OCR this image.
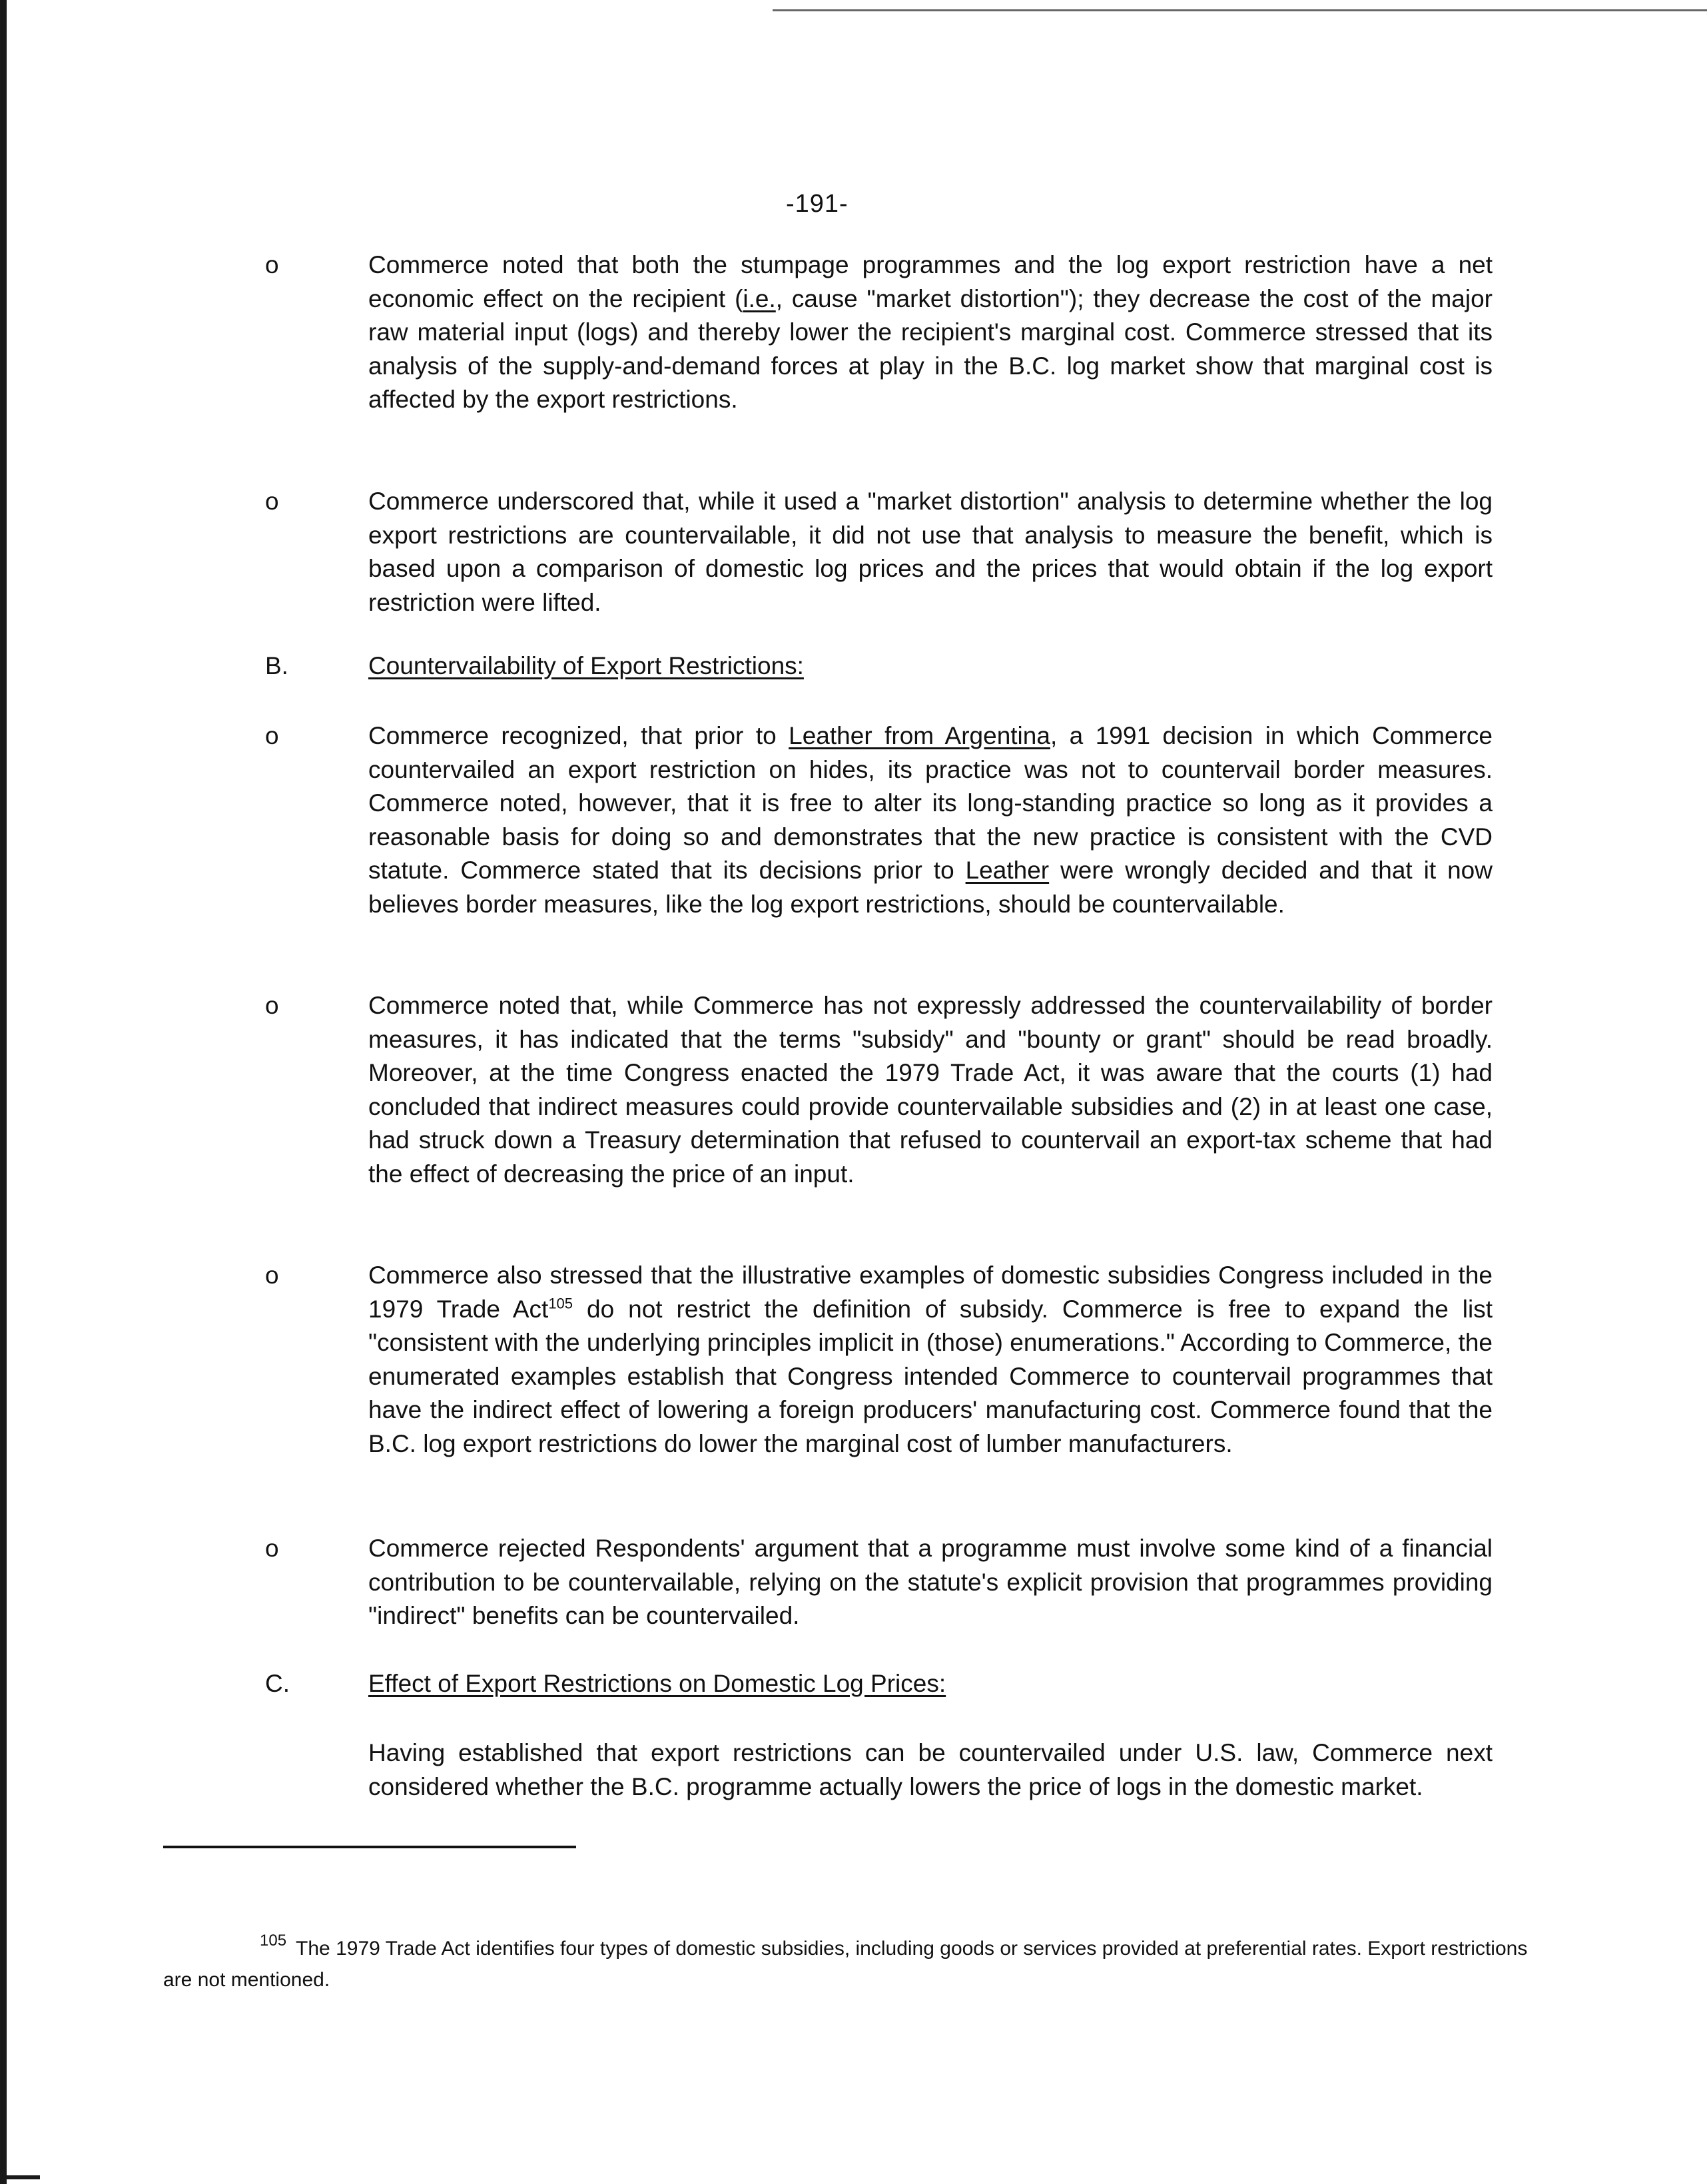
-191-
o	Commerce noted that both the stumpage programmes and the log export restriction have a net economic effect on the recipient (i.e., cause "market distortion"); they decrease the cost of the major raw material input (logs) and thereby lower the recipient's marginal cost. Commerce stressed that its analysis of the supply-and-demand forces at play in the B.C. log market show that marginal cost is affected by the export restrictions.
o	Commerce underscored that, while it used a "market distortion" analysis to determine whether the log export restrictions are countervailable, it did not use that analysis to measure the benefit, which is based upon a comparison of domestic log prices and the prices that would obtain if the log export restriction were lifted.
B.	Countervailability of Export Restrictions:
o	Commerce recognized, that prior to Leather from Argentina, a 1991 decision in which Commerce countervailed an export restriction on hides, its practice was not to countervail border measures. Commerce noted, however, that it is free to alter its long-standing practice so long as it provides a reasonable basis for doing so and demonstrates that the new practice is consistent with the CVD statute. Commerce stated that its decisions prior to Leather were wrongly decided and that it now believes border measures, like the log export restrictions, should be countervailable.
o	Commerce noted that, while Commerce has not expressly addressed the countervailability of border measures, it has indicated that the terms "subsidy" and "bounty or grant" should be read broadly. Moreover, at the time Congress enacted the 1979 Trade Act, it was aware that the courts (1) had concluded that indirect measures could provide countervailable subsidies and (2) in at least one case, had struck down a Treasury determination that refused to countervail an export-tax scheme that had the effect of decreasing the price of an input.
o	Commerce also stressed that the illustrative examples of domestic subsidies Congress included in the 1979 Trade Act$^{105}$ do not restrict the definition of subsidy. Commerce is free to expand the list "consistent with the underlying principles implicit in (those) enumerations." According to Commerce, the enumerated examples establish that Congress intended Commerce to countervail programmes that have the indirect effect of lowering a foreign producers' manufacturing cost. Commerce found that the B.C. log export restrictions do lower the marginal cost of lumber manufacturers.
o	Commerce rejected Respondents' argument that a programme must involve some kind of a financial contribution to be countervailable, relying on the statute's explicit provision that programmes providing "indirect" benefits can be countervailed.
C.	Effect of Export Restrictions on Domestic Log Prices:
Having established that export restrictions can be countervailed under U.S. law, Commerce next considered whether the B.C. programme actually lowers the price of logs in the domestic market.
$^{105}$ The 1979 Trade Act identifies four types of domestic subsidies, including goods or services provided at preferential rates. Export restrictions are not mentioned.
